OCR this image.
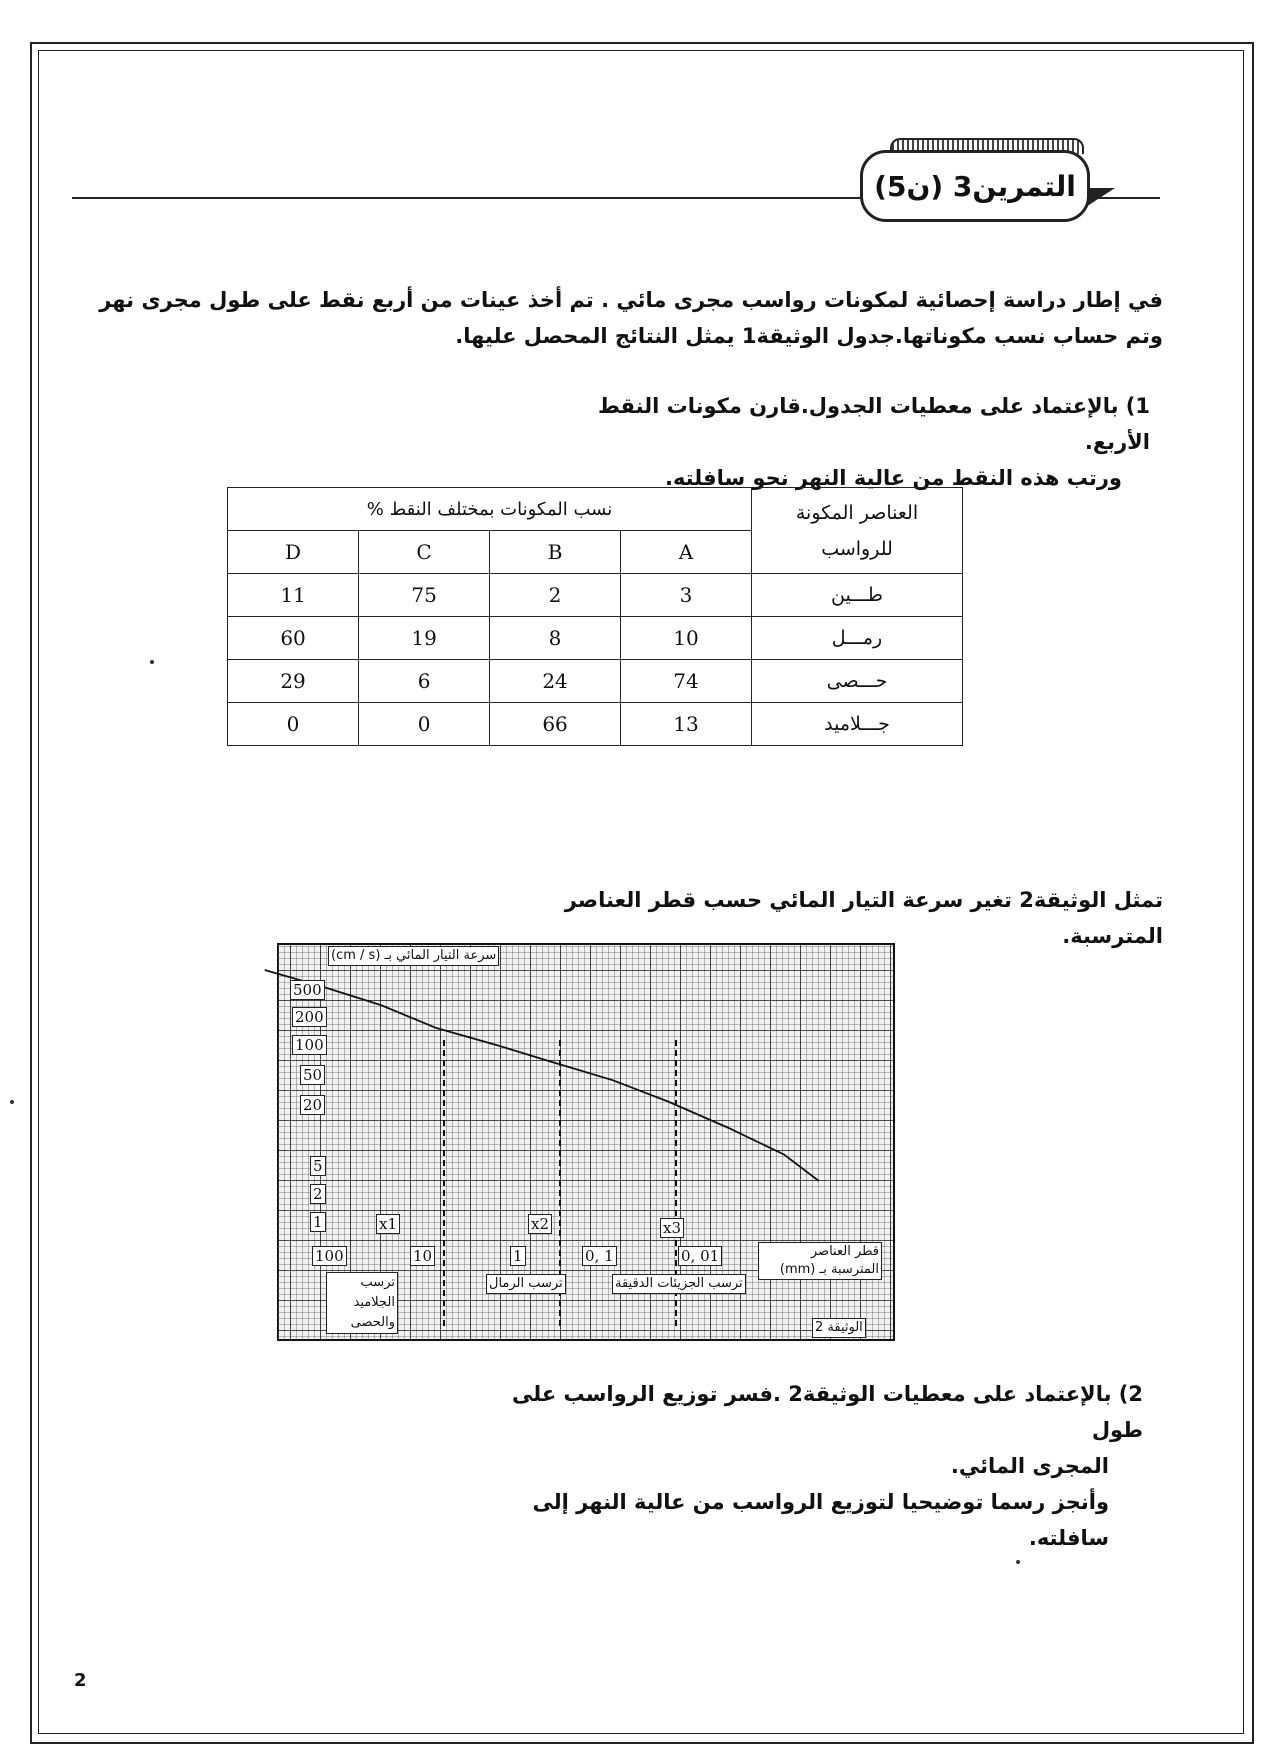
التمرين3 (ن5)
في إطار دراسة إحصائية لمكونات رواسب مجرى مائي . تم أخذ عينات من أربع نقط على طول مجرى نهر وتم حساب نسب مكوناتها.جدول الوثيقة1 يمثل النتائج المحصل عليها.
1) بالإعتماد على معطيات الجدول.قارن مكونات النقط الأربع.
ورتب هذه النقط من عالية النهر نحو سافلته.
العناصر المكونة
للرواسب	نسب المكونات بمختلف النقط %			
	A	B	C	D
طـــين	3	2	75	11
رمـــل	10	8	19	60
حـــصى	74	24	6	29
جـــلاميد	13	66	0	0
تمثل الوثيقة2 تغير سرعة التيار المائي حسب قطر العناصر المترسبة.
سرعة التيار المائي بـ (cm / s)
500
200
100
50
20
5
2
1	x1	x2	x3
100	10	1	0, 1	0, 01	قطر العناصر المترسبة بـ (mm)
ترسب الجلاميد والحصى
ترسب الرمال	ترسب الجزيئات الدقيقة
الوثيقة 2
2) بالإعتماد على معطيات الوثيقة2 .فسر توزيع الرواسب على طول
المجرى المائي.
وأنجز رسما توضيحيا لتوزيع الرواسب من عالية النهر إلى سافلته.
2
